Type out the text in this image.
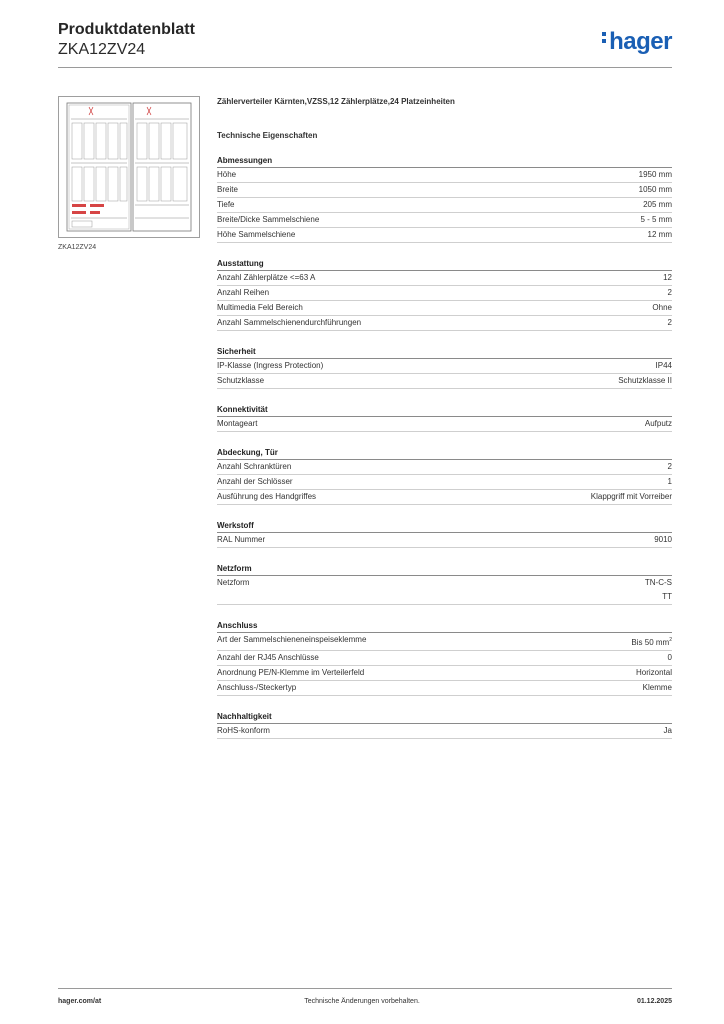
Produktdatenblatt
ZKA12ZV24	hager
ZKA12ZV24
Zählerverteiler Kärnten,VZSS,12 Zählerplätze,24 Platzeinheiten
Technische Eigenschaften
Abmessungen
Höhe	1950 mm
Breite	1050 mm
Tiefe	205 mm
Breite/Dicke Sammelschiene	5 - 5 mm
Höhe Sammelschiene	12 mm
Ausstattung
Anzahl Zählerplätze <=63 A	12
Anzahl Reihen	2
Multimedia Feld Bereich	Ohne
Anzahl Sammelschienendurchführungen	2
Sicherheit
IP-Klasse (Ingress Protection)	IP44
Schutzklasse	Schutzklasse II
Konnektivität
Montageart	Aufputz
Abdeckung, Tür
Anzahl Schranktüren	2
Anzahl der Schlösser	1
Ausführung des Handgriffes	Klappgriff mit Vorreiber
Werkstoff
RAL Nummer	9010
Netzform
Netzform	TN-C-S
TT
Anschluss
Art der Sammelschieneneinspeiseklemme	Bis 50 $mm^2$
Anzahl der RJ45 Anschlüsse	0
Anordnung PE/N-Klemme im Verteilerfeld	Horizontal
Anschluss-/Steckertyp	Klemme
Nachhaltigkeit
RoHS-konform	Ja
hager.com/at	Technische Änderungen vorbehalten.	01.12.2025
